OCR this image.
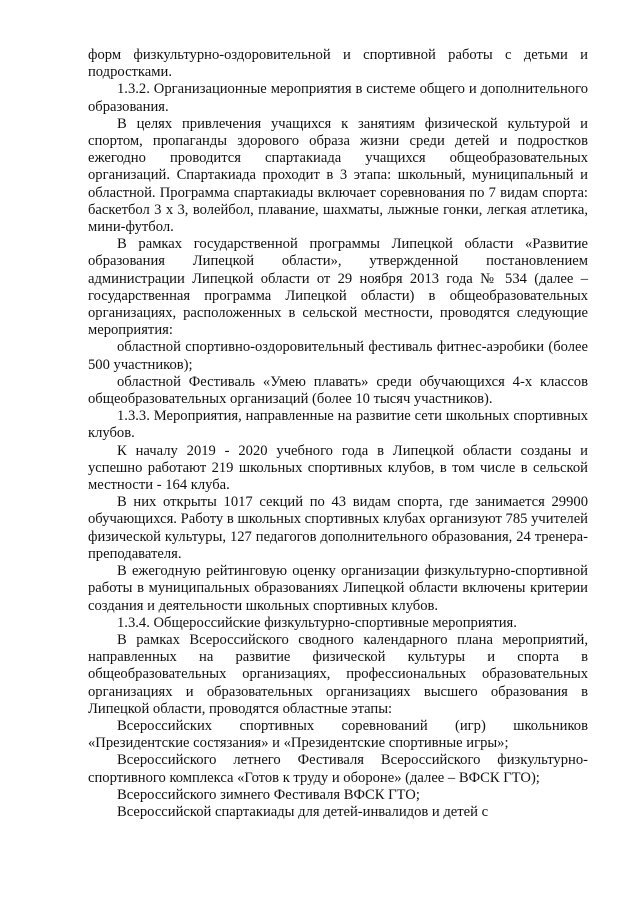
форм физкультурно-оздоровительной и спортивной работы с детьми и подростками.

1.3.2. Организационные мероприятия в системе общего и дополнительного образования.

В целях привлечения учащихся к занятиям физической культурой и спортом, пропаганды здорового образа жизни среди детей и подростков ежегодно проводится спартакиада учащихся общеобразовательных организаций. Спартакиада проходит в 3 этапа: школьный, муниципальный и областной. Программа спартакиады включает соревнования по 7 видам спорта: баскетбол 3 х 3, волейбол, плавание, шахматы, лыжные гонки, легкая атлетика, мини-футбол.

В рамках государственной программы Липецкой области «Развитие образования Липецкой области», утвержденной постановлением администрации Липецкой области от 29 ноября 2013 года № 534 (далее – государственная программа Липецкой области) в общеобразовательных организациях, расположенных в сельской местности, проводятся следующие мероприятия:

областной спортивно-оздоровительный фестиваль фитнес-аэробики (более 500 участников);

областной Фестиваль «Умею плавать» среди обучающихся 4-х классов общеобразовательных организаций (более 10 тысяч участников).

1.3.3. Мероприятия, направленные на развитие сети школьных спортивных клубов.

К началу 2019 - 2020 учебного года в Липецкой области созданы и успешно работают 219 школьных спортивных клубов, в том числе в сельской местности - 164 клуба.

В них открыты 1017 секций по 43 видам спорта, где занимается 29900 обучающихся. Работу в школьных спортивных клубах организуют 785 учителей физической культуры, 127 педагогов дополнительного образования, 24 тренера-преподавателя.

В ежегодную рейтинговую оценку организации физкультурно-спортивной работы в муниципальных образованиях Липецкой области включены критерии создания и деятельности школьных спортивных клубов.

1.3.4. Общероссийские физкультурно-спортивные мероприятия.

В рамках Всероссийского сводного календарного плана мероприятий, направленных на развитие физической культуры и спорта в общеобразовательных организациях, профессиональных образовательных организациях и образовательных организациях высшего образования в Липецкой области, проводятся областные этапы:

Всероссийских спортивных соревнований (игр) школьников «Президентские состязания» и «Президентские спортивные игры»;

Всероссийского летнего Фестиваля Всероссийского физкультурно-спортивного комплекса «Готов к труду и обороне» (далее – ВФСК ГТО);

Всероссийского зимнего Фестиваля ВФСК ГТО;

Всероссийской спартакиады для детей-инвалидов и детей с
